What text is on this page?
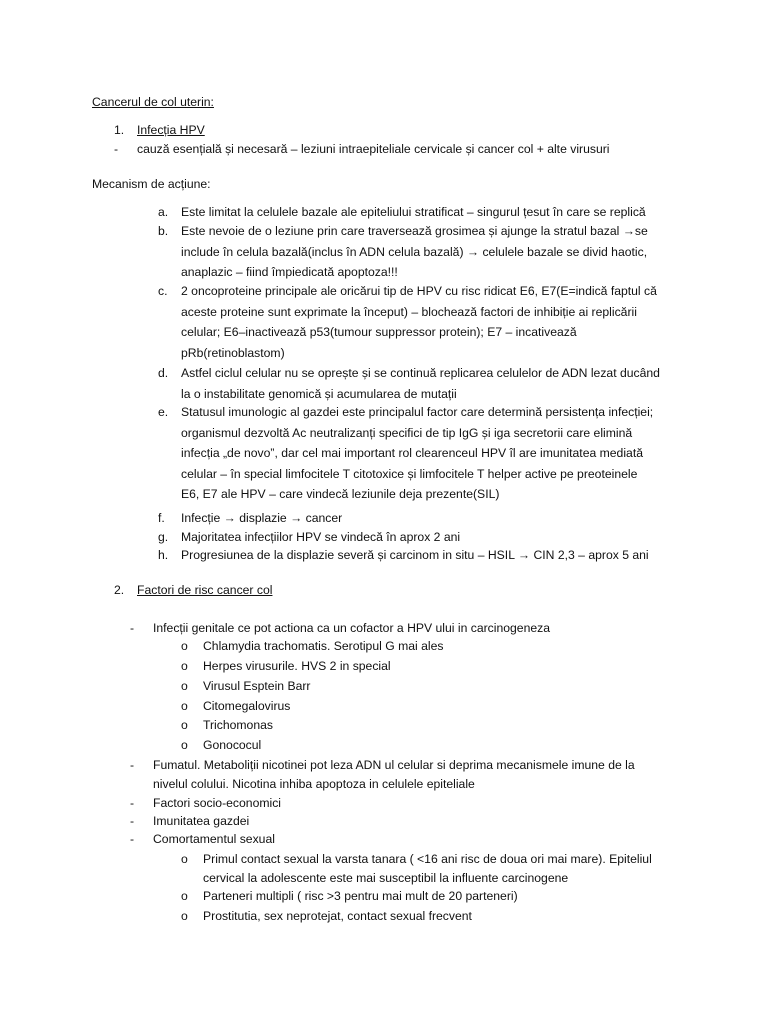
Cancerul de col uterin:
1. Infecția HPV
- cauză esențială și necesară – leziuni intraepiteliale cervicale și cancer col + alte virusuri
Mecanism de acțiune:
a. Este limitat la celulele bazale ale epiteliului stratificat – singurul țesut în care se replică
b. Este nevoie de o leziune prin care traversează grosimea și ajunge la stratul bazal →se
include în celula bazală(inclus în ADN celula bazală) → celulele bazale se divid haotic,
anaplazic – fiind împiedicată apoptoza!!!
c. 2 oncoproteine principale ale oricărui tip de HPV cu risc ridicat E6, E7(E=indică faptul că
aceste proteine sunt exprimate la început) – blochează factori de inhibiție ai replicării
celular; E6–inactivează p53(tumour suppressor protein); E7 – incativează
pRb(retinoblastom)
d. Astfel ciclul celular nu se oprește și se continuă replicarea celulelor de ADN lezat ducând
la o instabilitate genomică și acumularea de mutații
e. Statusul imunologic al gazdei este principalul factor care determină persistența infecției;
organismul dezvoltă Ac neutralizanți specifici de tip IgG și iga secretorii care elimină
infecția „de novo”, dar cel mai important rol clearenceul HPV îl are imunitatea mediată
celular – în special limfocitele T citotoxice și limfocitele T helper active pe preoteinele
E6, E7 ale HPV – care vindecă leziunile deja prezente(SIL)
f. Infecție → displazie → cancer
g. Majoritatea infecțiilor HPV se vindecă în aprox 2 ani
h. Progresiunea de la displazie severă și carcinom in situ – HSIL → CIN 2,3 – aprox 5 ani
2. Factori de risc cancer col
- Infecții genitale ce pot actiona ca un cofactor a HPV ului in carcinogeneza
o Chlamydia trachomatis. Serotipul G mai ales
o Herpes virusurile. HVS 2 in special
o Virusul Esptein Barr
o Citomegalovirus
o Trichomonas
o Gonococul
- Fumatul. Metaboliții nicotinei pot leza ADN ul celular si deprima mecanismele imune de la
nivelul colului. Nicotina inhiba apoptoza in celulele epiteliale
- Factori socio-economici
- Imunitatea gazdei
- Comortamentul sexual
o Primul contact sexual la varsta tanara ( <16 ani risc de doua ori mai mare). Epiteliul
cervical la adolescente este mai susceptibil la influente carcinogene
o Parteneri multipli ( risc >3 pentru mai mult de 20 parteneri)
o Prostitutia, sex neprotejat, contact sexual frecvent
